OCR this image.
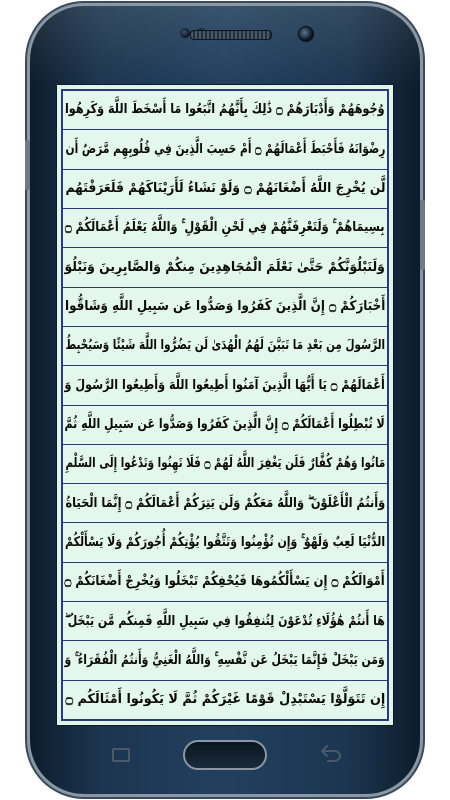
وُجُوهَهُمْ وَأَدْبَارَهُمْ ۝ ذَٰلِكَ بِأَنَّهُمُ اتَّبَعُوا مَا أَسْخَطَ اللَّهَ وَكَرِهُوا
رِضْوَانَهُ فَأَحْبَطَ أَعْمَالَهُمْ ۝ أَمْ حَسِبَ الَّذِينَ فِي قُلُوبِهِم مَّرَضٌ أَن
لَّن يُخْرِجَ اللَّهُ أَضْغَانَهُمْ ۝ وَلَوْ نَشَاءُ لَأَرَيْنَاكَهُمْ فَلَعَرَفْتَهُم
بِسِيمَاهُمْ ۚ وَلَتَعْرِفَنَّهُمْ فِي لَحْنِ الْقَوْلِ ۚ وَاللَّهُ يَعْلَمُ أَعْمَالَكُمْ ۝
وَلَنَبْلُوَنَّكُمْ حَتَّىٰ نَعْلَمَ الْمُجَاهِدِينَ مِنكُمْ وَالصَّابِرِينَ وَنَبْلُوَ
أَخْبَارَكُمْ ۝ إِنَّ الَّذِينَ كَفَرُوا وَصَدُّوا عَن سَبِيلِ اللَّهِ وَشَاقُّوا
الرَّسُولَ مِن بَعْدِ مَا تَبَيَّنَ لَهُمُ الْهُدَىٰ لَن يَضُرُّوا اللَّهَ شَيْئًا وَسَيُحْبِطُ
أَعْمَالَهُمْ ۝ يَا أَيُّهَا الَّذِينَ آمَنُوا أَطِيعُوا اللَّهَ وَأَطِيعُوا الرَّسُولَ وَ
لَا تُبْطِلُوا أَعْمَالَكُمْ ۝ إِنَّ الَّذِينَ كَفَرُوا وَصَدُّوا عَن سَبِيلِ اللَّهِ ثُمَّ
مَاتُوا وَهُمْ كُفَّارٌ فَلَن يَغْفِرَ اللَّهُ لَهُمْ ۝ فَلَا تَهِنُوا وَتَدْعُوا إِلَى السَّلْمِ
وَأَنتُمُ الْأَعْلَوْنَ ۖ وَاللَّهُ مَعَكُمْ وَلَن يَتِرَكُمْ أَعْمَالَكُمْ ۝ إِنَّمَا الْحَيَاةُ
الدُّنْيَا لَعِبٌ وَلَهْوٌ ۚ وَإِن تُؤْمِنُوا وَتَتَّقُوا يُؤْتِكُمْ أُجُورَكُمْ وَلَا يَسْأَلْكُمْ
أَمْوَالَكُمْ ۝ إِن يَسْأَلْكُمُوهَا فَيُحْفِكُمْ تَبْخَلُوا وَيُخْرِجْ أَضْغَانَكُمْ ۝
هَا أَنتُمْ هَٰؤُلَاءِ تُدْعَوْنَ لِتُنفِقُوا فِي سَبِيلِ اللَّهِ فَمِنكُم مَّن يَبْخَلُ ۖ
وَمَن يَبْخَلْ فَإِنَّمَا يَبْخَلُ عَن نَّفْسِهِ ۚ وَاللَّهُ الْغَنِيُّ وَأَنتُمُ الْفُقَرَاءُ ۚ وَ
إِن تَتَوَلَّوْا يَسْتَبْدِلْ قَوْمًا غَيْرَكُمْ ثُمَّ لَا يَكُونُوا أَمْثَالَكُم ۝
